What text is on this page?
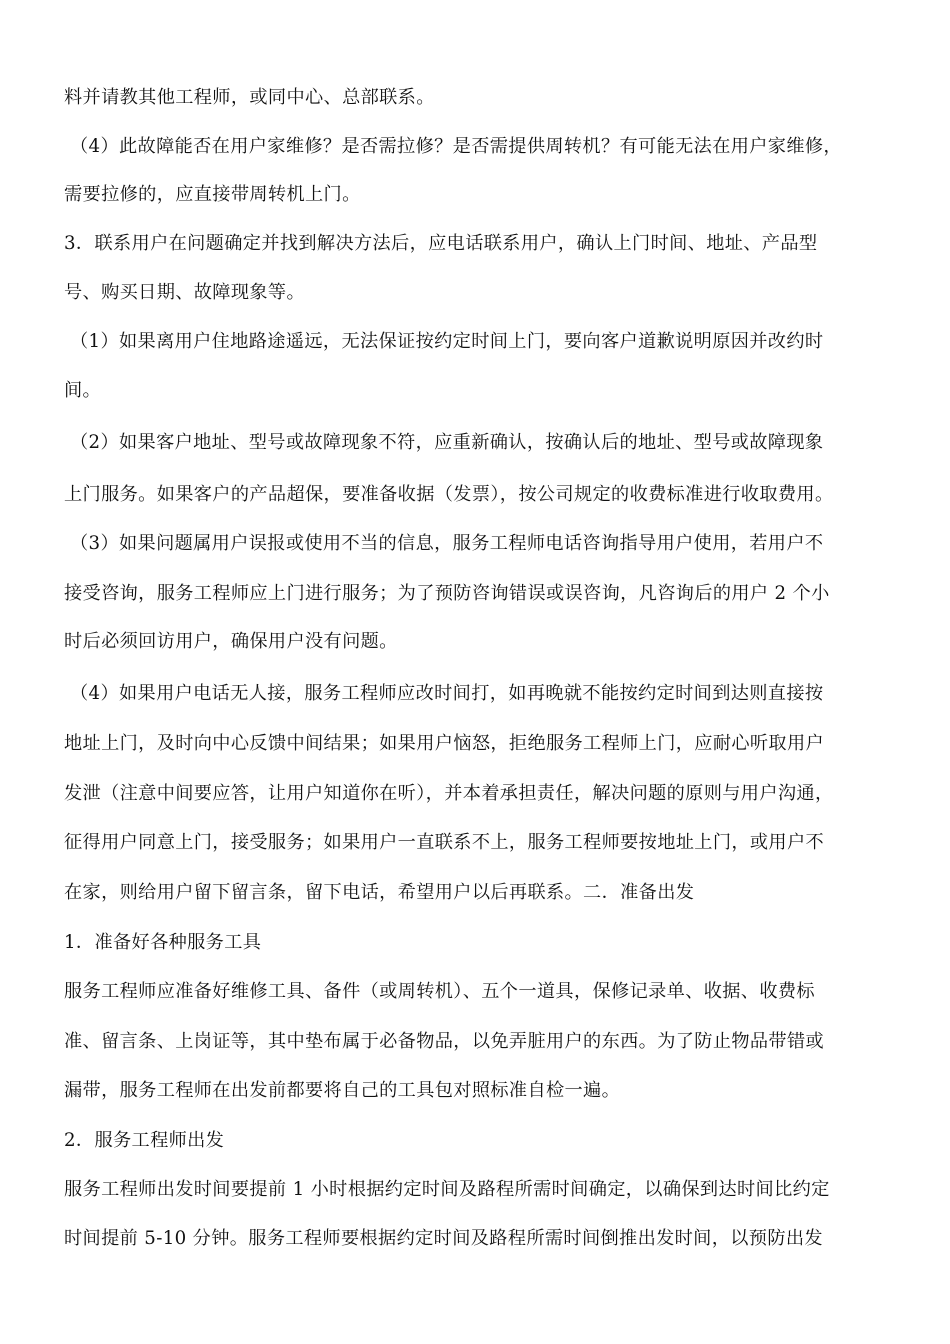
料并请教其他工程师，或同中心、总部联系。
（4）此故障能否在用户家维修？是否需拉修？是否需提供周转机？有可能无法在用户家维修，
需要拉修的，应直接带周转机上门。
3．联系用户在问题确定并找到解决方法后，应电话联系用户，确认上门时间、地址、产品型
号、购买日期、故障现象等。
（1）如果离用户住地路途遥远，无法保证按约定时间上门，要向客户道歉说明原因并改约时
间。
（2）如果客户地址、型号或故障现象不符，应重新确认，按确认后的地址、型号或故障现象
上门服务。如果客户的产品超保，要准备收据（发票），按公司规定的收费标准进行收取费用。
（3）如果问题属用户误报或使用不当的信息，服务工程师电话咨询指导用户使用，若用户不
接受咨询，服务工程师应上门进行服务；为了预防咨询错误或误咨询，凡咨询后的用户 2 个小
时后必须回访用户，确保用户没有问题。
（4）如果用户电话无人接，服务工程师应改时间打，如再晚就不能按约定时间到达则直接按
地址上门，及时向中心反馈中间结果；如果用户恼怒，拒绝服务工程师上门，应耐心听取用户
发泄（注意中间要应答，让用户知道你在听），并本着承担责任，解决问题的原则与用户沟通，
征得用户同意上门，接受服务；如果用户一直联系不上，服务工程师要按地址上门，或用户不
在家，则给用户留下留言条，留下电话，希望用户以后再联系。二．准备出发
1．准备好各种服务工具
服务工程师应准备好维修工具、备件（或周转机）、五个一道具，保修记录单、收据、收费标
准、留言条、上岗证等，其中垫布属于必备物品，以免弄脏用户的东西。为了防止物品带错或
漏带，服务工程师在出发前都要将自己的工具包对照标准自检一遍。
2．服务工程师出发
服务工程师出发时间要提前 1 小时根据约定时间及路程所需时间确定，以确保到达时间比约定
时间提前 5-10 分钟。服务工程师要根据约定时间及路程所需时间倒推出发时间，以预防出发
